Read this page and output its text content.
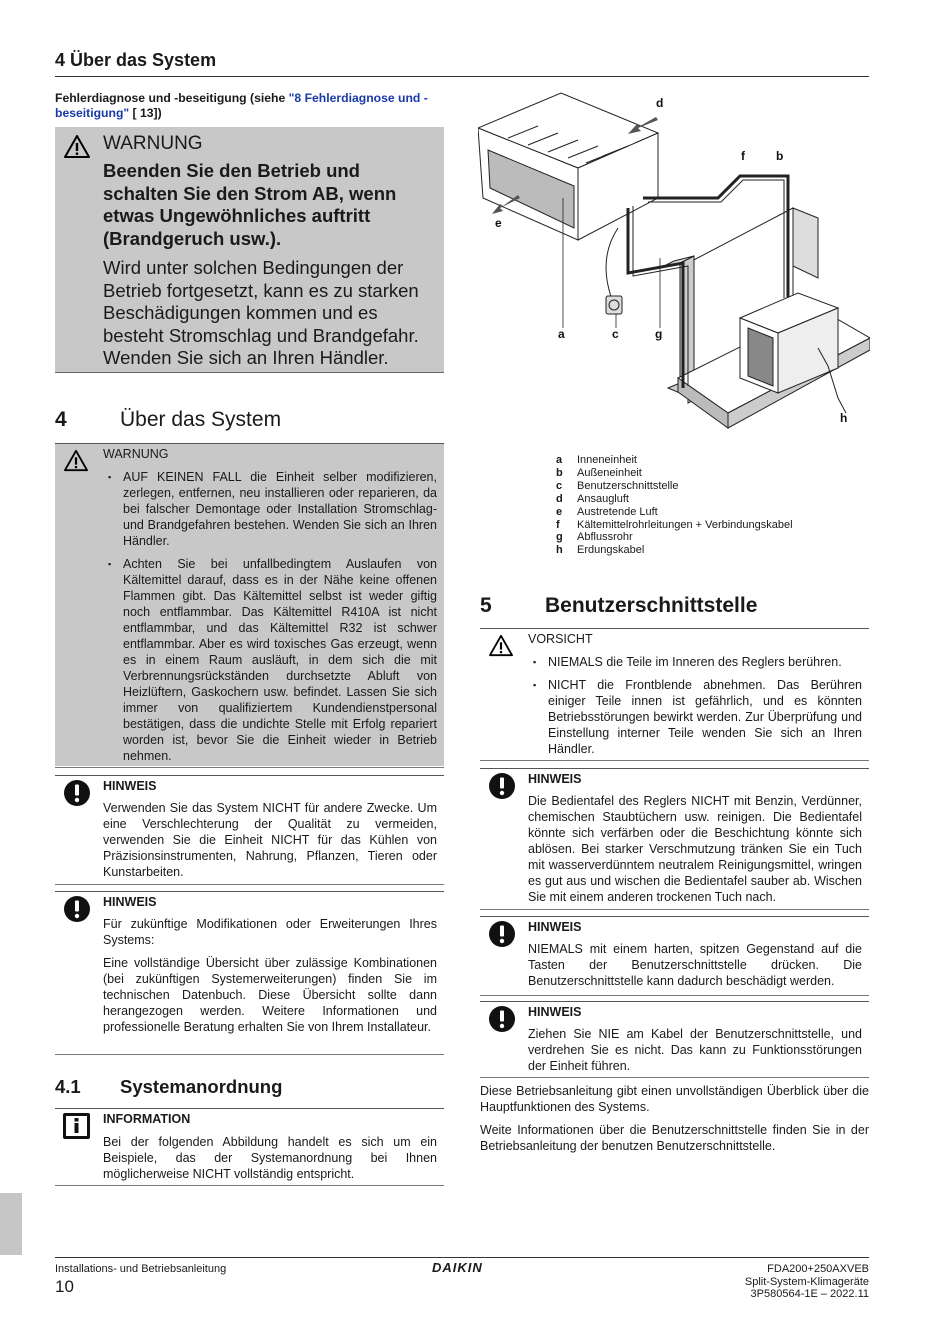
4 Über das System
Fehlerdiagnose und -beseitigung (siehe "8 Fehlerdiagnose und -beseitigung" [ 13])
WARNUNG
Beenden Sie den Betrieb und schalten Sie den Strom AB, wenn etwas Ungewöhnliches auftritt (Brandgeruch usw.).
Wird unter solchen Bedingungen der Betrieb fortgesetzt, kann es zu starken Beschädigungen kommen und es besteht Stromschlag und Brandgefahr. Wenden Sie sich an Ihren Händler.
4	Über das System
WARNUNG
▪ AUF KEINEN FALL die Einheit selber modifizieren, zerlegen, entfernen, neu installieren oder reparieren, da bei falscher Demontage oder Installation Stromschlag- und Brandgefahren bestehen. Wenden Sie sich an Ihren Händler.
▪ Achten Sie bei unfallbedingtem Auslaufen von Kältemittel darauf, dass es in der Nähe keine offenen Flammen gibt. Das Kältemittel selbst ist weder giftig noch entflammbar. Das Kältemittel R410A ist nicht entflammbar, und das Kältemittel R32 ist schwer entflammbar. Aber es wird toxisches Gas erzeugt, wenn es in einem Raum ausläuft, in dem sich die mit Verbrennungsrückständen durchsetzte Abluft von Heizlüftern, Gaskochern usw. befindet. Lassen Sie sich immer von qualifiziertem Kundendienstpersonal bestätigen, dass die undichte Stelle mit Erfolg repariert worden ist, bevor Sie die Einheit wieder in Betrieb nehmen.
HINWEIS
Verwenden Sie das System NICHT für andere Zwecke. Um eine Verschlechterung der Qualität zu vermeiden, verwenden Sie die Einheit NICHT für das Kühlen von Präzisionsinstrumenten, Nahrung, Pflanzen, Tieren oder Kunstarbeiten.
HINWEIS
Für zukünftige Modifikationen oder Erweiterungen Ihres Systems:
Eine vollständige Übersicht über zulässige Kombinationen (bei zukünftigen Systemerweiterungen) finden Sie im technischen Datenbuch. Diese Übersicht sollte dann herangezogen werden. Weitere Informationen und professionelle Beratung erhalten Sie von Ihrem Installateur.
4.1 Systemanordnung
INFORMATION
Bei der folgenden Abbildung handelt es sich um ein Beispiele, das der Systemanordnung bei Ihnen möglicherweise NICHT vollständig entspricht.
d
f	b
e
a	c	g
h
a Inneneinheit
b Außeneinheit
c Benutzerschnittstelle
d Ansaugluft
e Austretende Luft
f Kältemittelrohrleitungen + Verbindungskabel
g Abflussrohr
h Erdungskabel
5	Benutzerschnittstelle
VORSICHT
▪ NIEMALS die Teile im Inneren des Reglers berühren.
▪ NICHT die Frontblende abnehmen. Das Berühren einiger Teile innen ist gefährlich, und es könnten Betriebsstörungen bewirkt werden. Zur Überprüfung und Einstellung interner Teile wenden Sie sich an Ihren Händler.
HINWEIS
Die Bedientafel des Reglers NICHT mit Benzin, Verdünner, chemischen Staubtüchern usw. reinigen. Die Bedientafel könnte sich verfärben oder die Beschichtung könnte sich ablösen. Bei starker Verschmutzung tränken Sie ein Tuch mit wasserverdünntem neutralem Reinigungsmittel, wringen es gut aus und wischen die Bedientafel sauber ab. Wischen Sie mit einem anderen trockenen Tuch nach.
HINWEIS
NIEMALS mit einem harten, spitzen Gegenstand auf die Tasten der Benutzerschnittstelle drücken. Die Benutzerschnittstelle kann dadurch beschädigt werden.
HINWEIS
Ziehen Sie NIE am Kabel der Benutzerschnittstelle, und verdrehen Sie es nicht. Das kann zu Funktionsstörungen der Einheit führen.
Diese Betriebsanleitung gibt einen unvollständigen Überblick über die Hauptfunktionen des Systems.
Weite Informationen über die Benutzerschnittstelle finden Sie in der Betriebsanleitung der benutzen Benutzerschnittstelle.
Installations- und Betriebsanleitung
10
DAIKIN	FDA200+250AXVEB
Split-System-Klimageräte
3P580564-1E – 2022.11
